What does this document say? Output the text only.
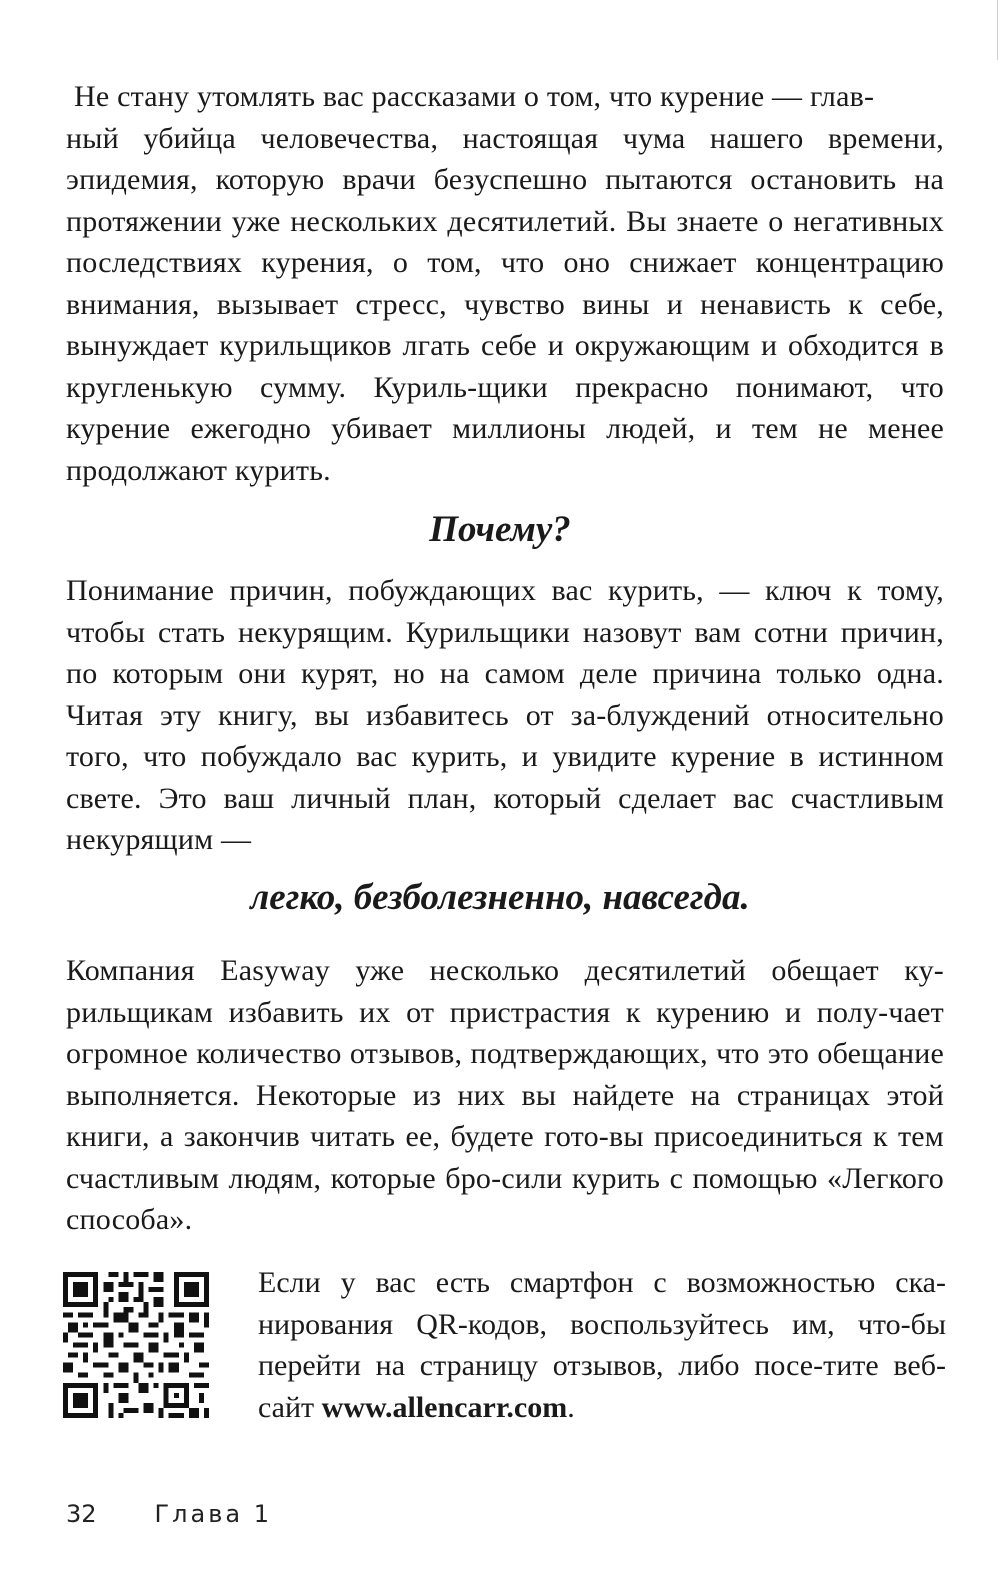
Не стану утомлять вас рассказами о том, что курение — глав-
ный убийца человечества, настоящая чума нашего времени, эпидемия, которую врачи безуспешно пытаются остановить на протяжении уже нескольких десятилетий. Вы знаете о негативных последствиях курения, о том, что оно снижает концентрацию внимания, вызывает стресс, чувство вины и ненависть к себе, вынуждает курильщиков лгать себе и окружающим и обходится в кругленькую сумму. Куриль-щики прекрасно понимают, что курение ежегодно убивает миллионы людей, и тем не менее продолжают курить.

Почему?

Понимание причин, побуждающих вас курить, — ключ к тому, чтобы стать некурящим. Курильщики назовут вам сотни причин, по которым они курят, но на самом деле причина только одна. Читая эту книгу, вы избавитесь от за-блуждений относительно того, что побуждало вас курить, и увидите курение в истинном свете. Это ваш личный план, который сделает вас счастливым некурящим —

легко, безболезненно, навсегда.

Компания Easyway уже несколько десятилетий обещает ку-рильщикам избавить их от пристрастия к курению и полу-чает огромное количество отзывов, подтверждающих, что это обещание выполняется. Некоторые из них вы найдете на страницах этой книги, а закончив читать ее, будете гото-вы присоединиться к тем счастливым людям, которые бро-сили курить с помощью «Легкого способа».

Если у вас есть смартфон с возможностью ска-нирования QR-кодов, воспользуйтесь им, что-бы перейти на страницу отзывов, либо посе-тите веб-сайт www.allencarr.com.

32 Глава 1
